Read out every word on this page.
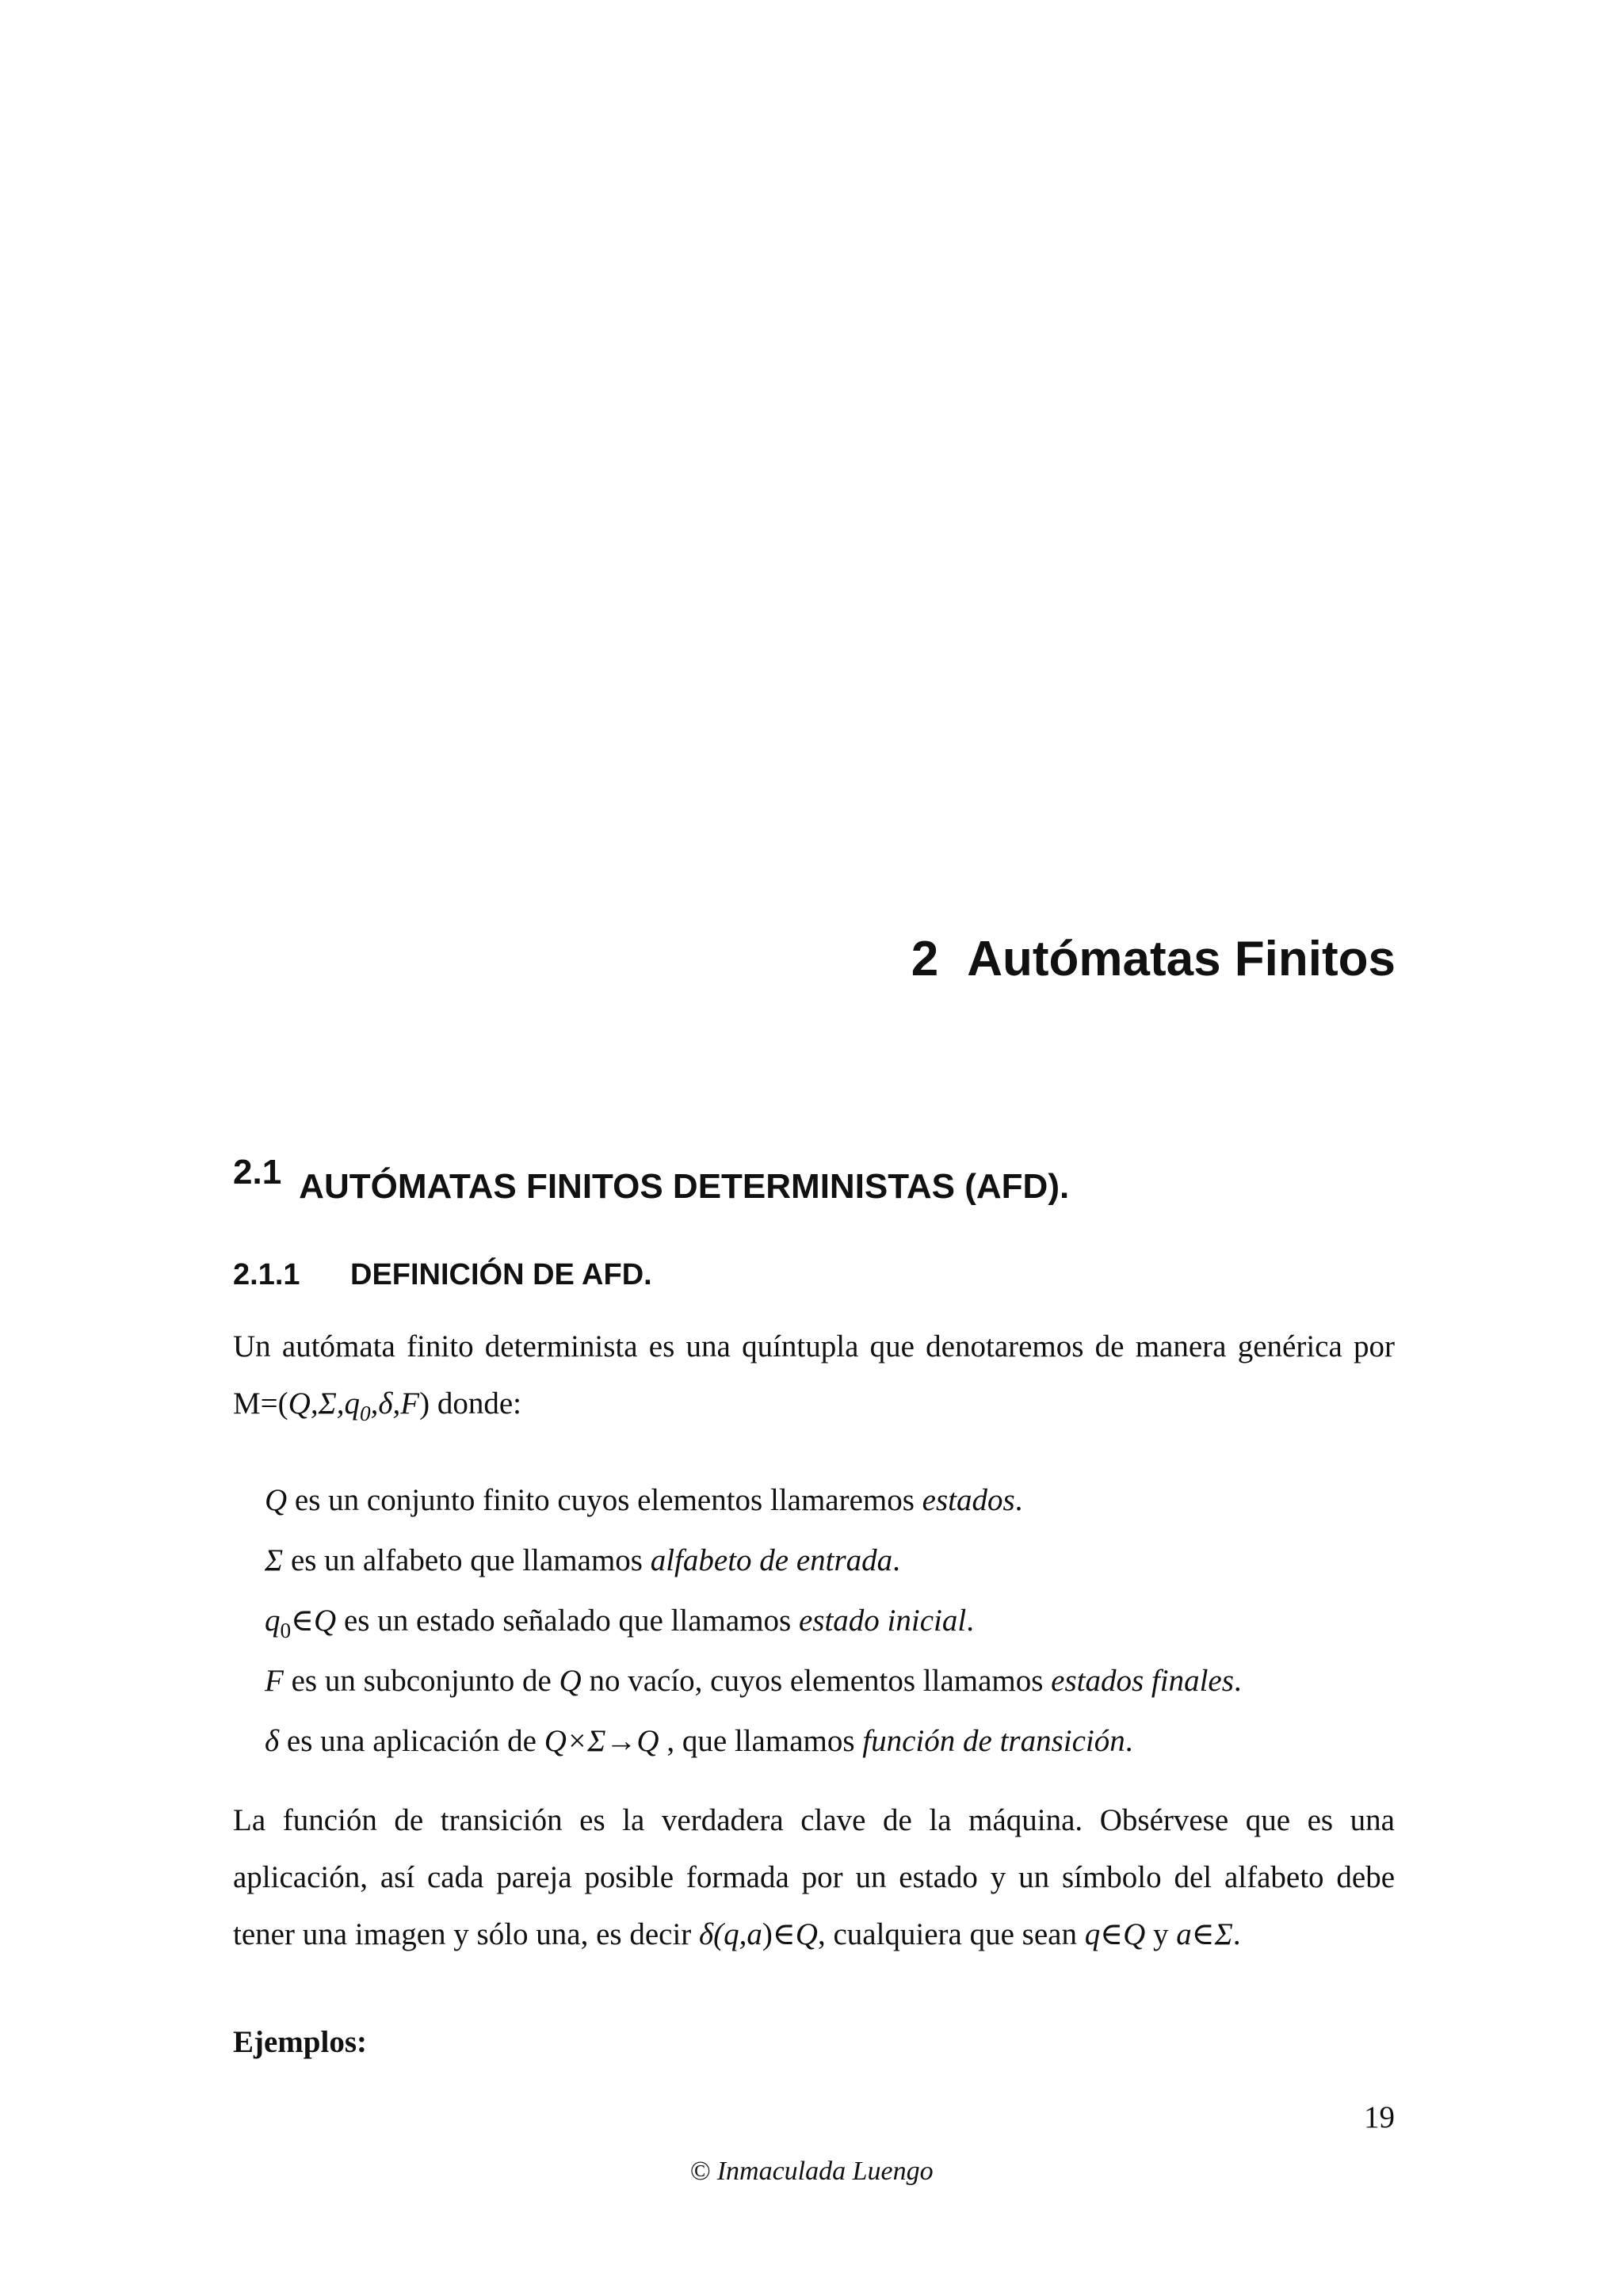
2 Autómatas Finitos
2.1 AUTÓMATAS FINITOS DETERMINISTAS (AFD).
2.1.1 DEFINICIÓN DE AFD.
Un autómata finito determinista es una quíntupla que denotaremos de manera genérica por $M=(Q,\Sigma,q_0,\delta,F)$ donde:
Q es un conjunto finito cuyos elementos llamaremos estados.
Σ es un alfabeto que llamamos alfabeto de entrada.
$q_0\in Q$ es un estado señalado que llamamos estado inicial.
F es un subconjunto de Q no vacío, cuyos elementos llamamos estados finales.
δ es una aplicación de Q×Σ→Q , que llamamos función de transición.
La función de transición es la verdadera clave de la máquina. Obsérvese que es una aplicación, así cada pareja posible formada por un estado y un símbolo del alfabeto debe tener una imagen y sólo una, es decir δ(q,a)∈Q, cualquiera que sean q∈Q y a∈Σ.
Ejemplos:
19
© Inmaculada Luengo
